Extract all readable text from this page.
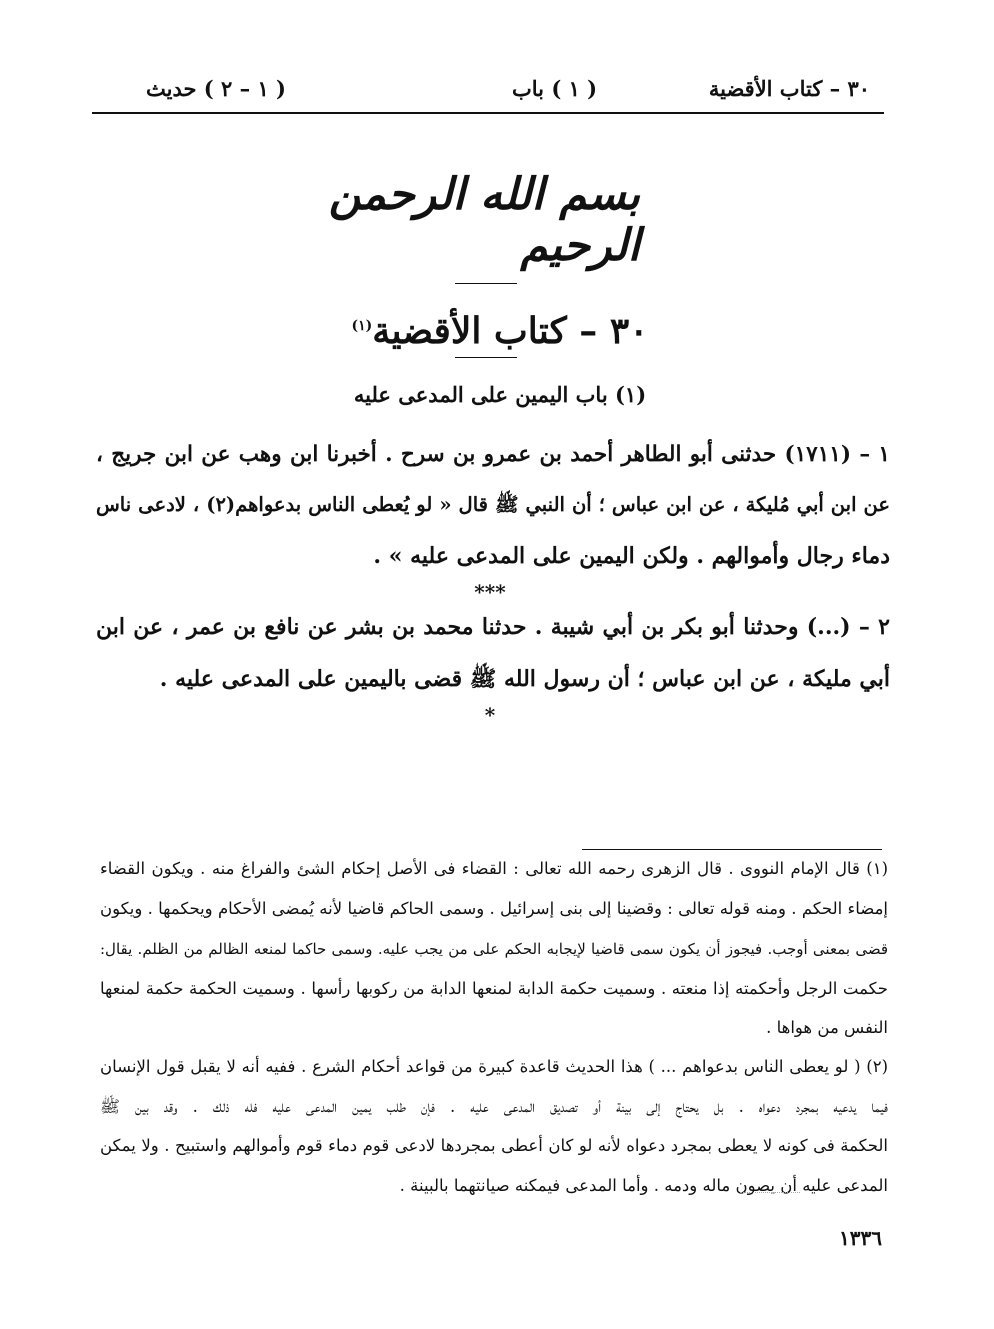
٣٠ – كتاب الأقضية
( ١ ) باب
( ١ – ٢ ) حديث
بسم الله الرحمن الرحيم
٣٠ – كتاب الأقضية$^{(١)}$
(١) باب اليمين على المدعى عليه
١ – (١٧١١) حدثنى أبو الطاهر أحمد بن عمرو بن سرح . أخبرنا ابن وهب عن ابن جريج ،
عن ابن أبي مُليكة ، عن ابن عباس ؛ أن النبي ﷺ قال « لو يُعطى الناس بدعواهم(٢) ، لادعى ناس
دماء رجال وأموالهم . ولكن اليمين على المدعى عليه » .
***
٢ – (...) وحدثنا أبو بكر بن أبي شيبة . حدثنا محمد بن بشر عن نافع بن عمر ، عن ابن
أبي مليكة ، عن ابن عباس ؛ أن رسول الله ﷺ قضى باليمين على المدعى عليه .
*
(١) قال الإمام النووى . قال الزهرى رحمه الله تعالى : القضاء فى الأصل إحكام الشئ والفراغ منه . ويكون القضاء
إمضاء الحكم . ومنه قوله تعالى : وقضينا إلى بنى إسرائيل . وسمى الحاكم قاضيا لأنه يُمضى الأحكام ويحكمها . ويكون
قضى بمعنى أوجب. فيجوز أن يكون سمى قاضيا لإيجابه الحكم على من يجب عليه. وسمى حاكما لمنعه الظالم من الظلم. يقال:
حكمت الرجل وأحكمته إذا منعته . وسميت حكمة الدابة لمنعها الدابة من ركوبها رأسها . وسميت الحكمة حكمة لمنعها
النفس من هواها .
(٢) ( لو يعطى الناس بدعواهم ... ) هذا الحديث قاعدة كبيرة من قواعد أحكام الشرع . ففيه أنه لا يقبل قول الإنسان
فيما يدعيه بمجرد دعواه . بل يحتاج إلى بينة أو تصديق المدعى عليه . فإن طلب يمين المدعى عليه فله ذلك . وقد بين ﷺ
الحكمة فى كونه لا يعطى بمجرد دعواه لأنه لو كان أعطى بمجردها لادعى قوم دماء قوم وأموالهم واستبيح . ولا يمكن
المدعى عليه أن يصون ماله ودمه . وأما المدعى فيمكنه صيانتهما بالبينة .
١٣٣٦
